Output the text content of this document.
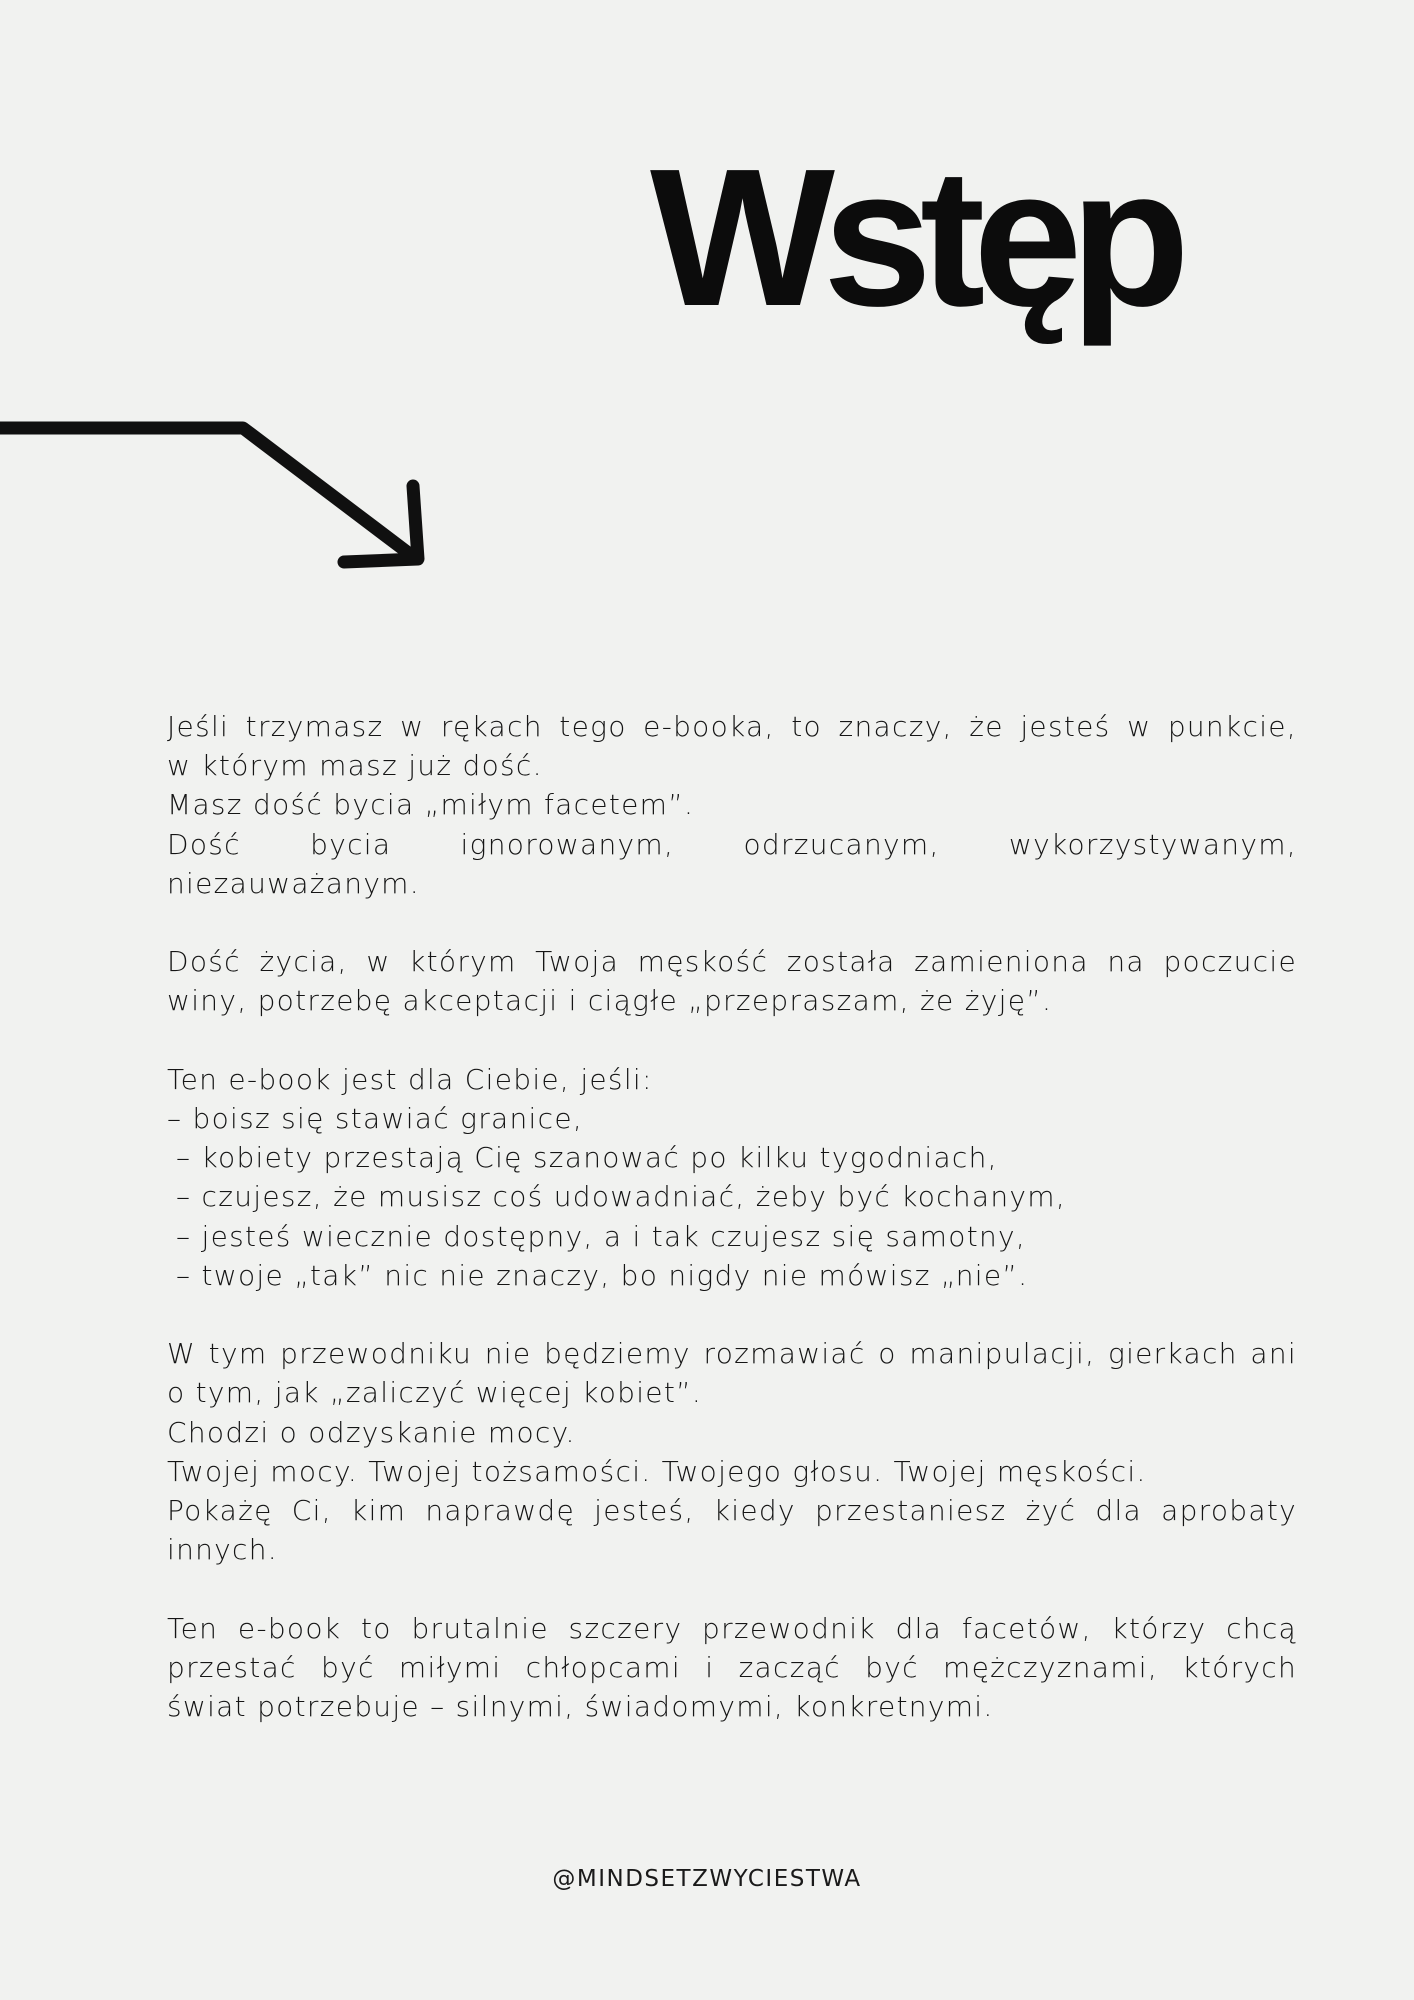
Wstęp

Jeśli trzymasz w rękach tego e-booka, to znaczy, że jesteś w punkcie,
w którym masz już dość.
Masz dość bycia „miłym facetem”.
Dość bycia ignorowanym, odrzucanym, wykorzystywanym,
niezauważanym.

Dość życia, w którym Twoja męskość została zamieniona na poczucie
winy, potrzebę akceptacji i ciągłe „przepraszam, że żyję”.

Ten e-book jest dla Ciebie, jeśli:
– boisz się stawiać granice,
– kobiety przestają Cię szanować po kilku tygodniach,
– czujesz, że musisz coś udowadniać, żeby być kochanym,
– jesteś wiecznie dostępny, a i tak czujesz się samotny,
– twoje „tak” nic nie znaczy, bo nigdy nie mówisz „nie”.

W tym przewodniku nie będziemy rozmawiać o manipulacji, gierkach ani
o tym, jak „zaliczyć więcej kobiet”.
Chodzi o odzyskanie mocy.
Twojej mocy. Twojej tożsamości. Twojego głosu. Twojej męskości.
Pokażę Ci, kim naprawdę jesteś, kiedy przestaniesz żyć dla aprobaty
innych.

Ten e-book to brutalnie szczery przewodnik dla facetów, którzy chcą
przestać być miłymi chłopcami i zacząć być mężczyznami, których
świat potrzebuje – silnymi, świadomymi, konkretnymi.

@MINDSETZWYCIESTWA
